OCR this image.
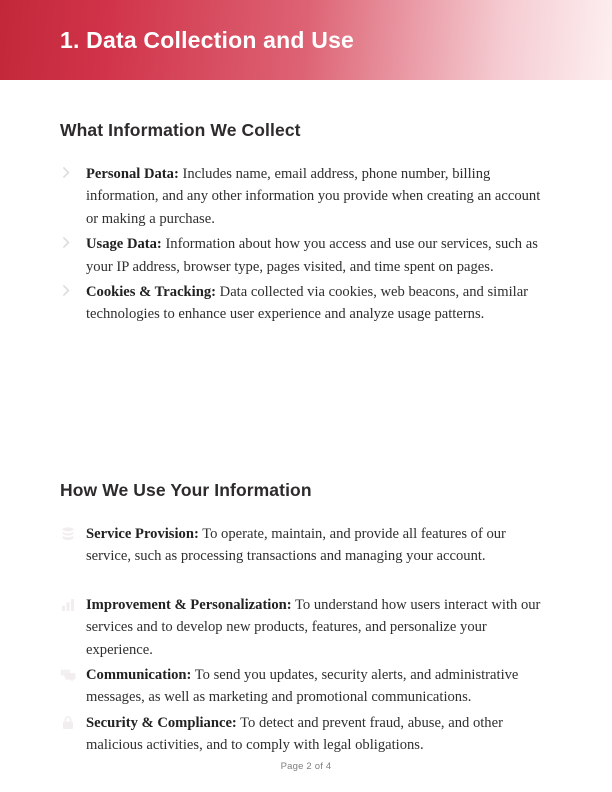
1. Data Collection and Use
What Information We Collect
Personal Data: Includes name, email address, phone number, billing information, and any other information you provide when creating an account or making a purchase.
Usage Data: Information about how you access and use our services, such as your IP address, browser type, pages visited, and time spent on pages.
Cookies & Tracking: Data collected via cookies, web beacons, and similar technologies to enhance user experience and analyze usage patterns.
How We Use Your Information
Service Provision: To operate, maintain, and provide all features of our service, such as processing transactions and managing your account.
Improvement & Personalization: To understand how users interact with our services and to develop new products, features, and personalize your experience.
Communication: To send you updates, security alerts, and administrative messages, as well as marketing and promotional communications.
Security & Compliance: To detect and prevent fraud, abuse, and other malicious activities, and to comply with legal obligations.
Page 2 of 4
